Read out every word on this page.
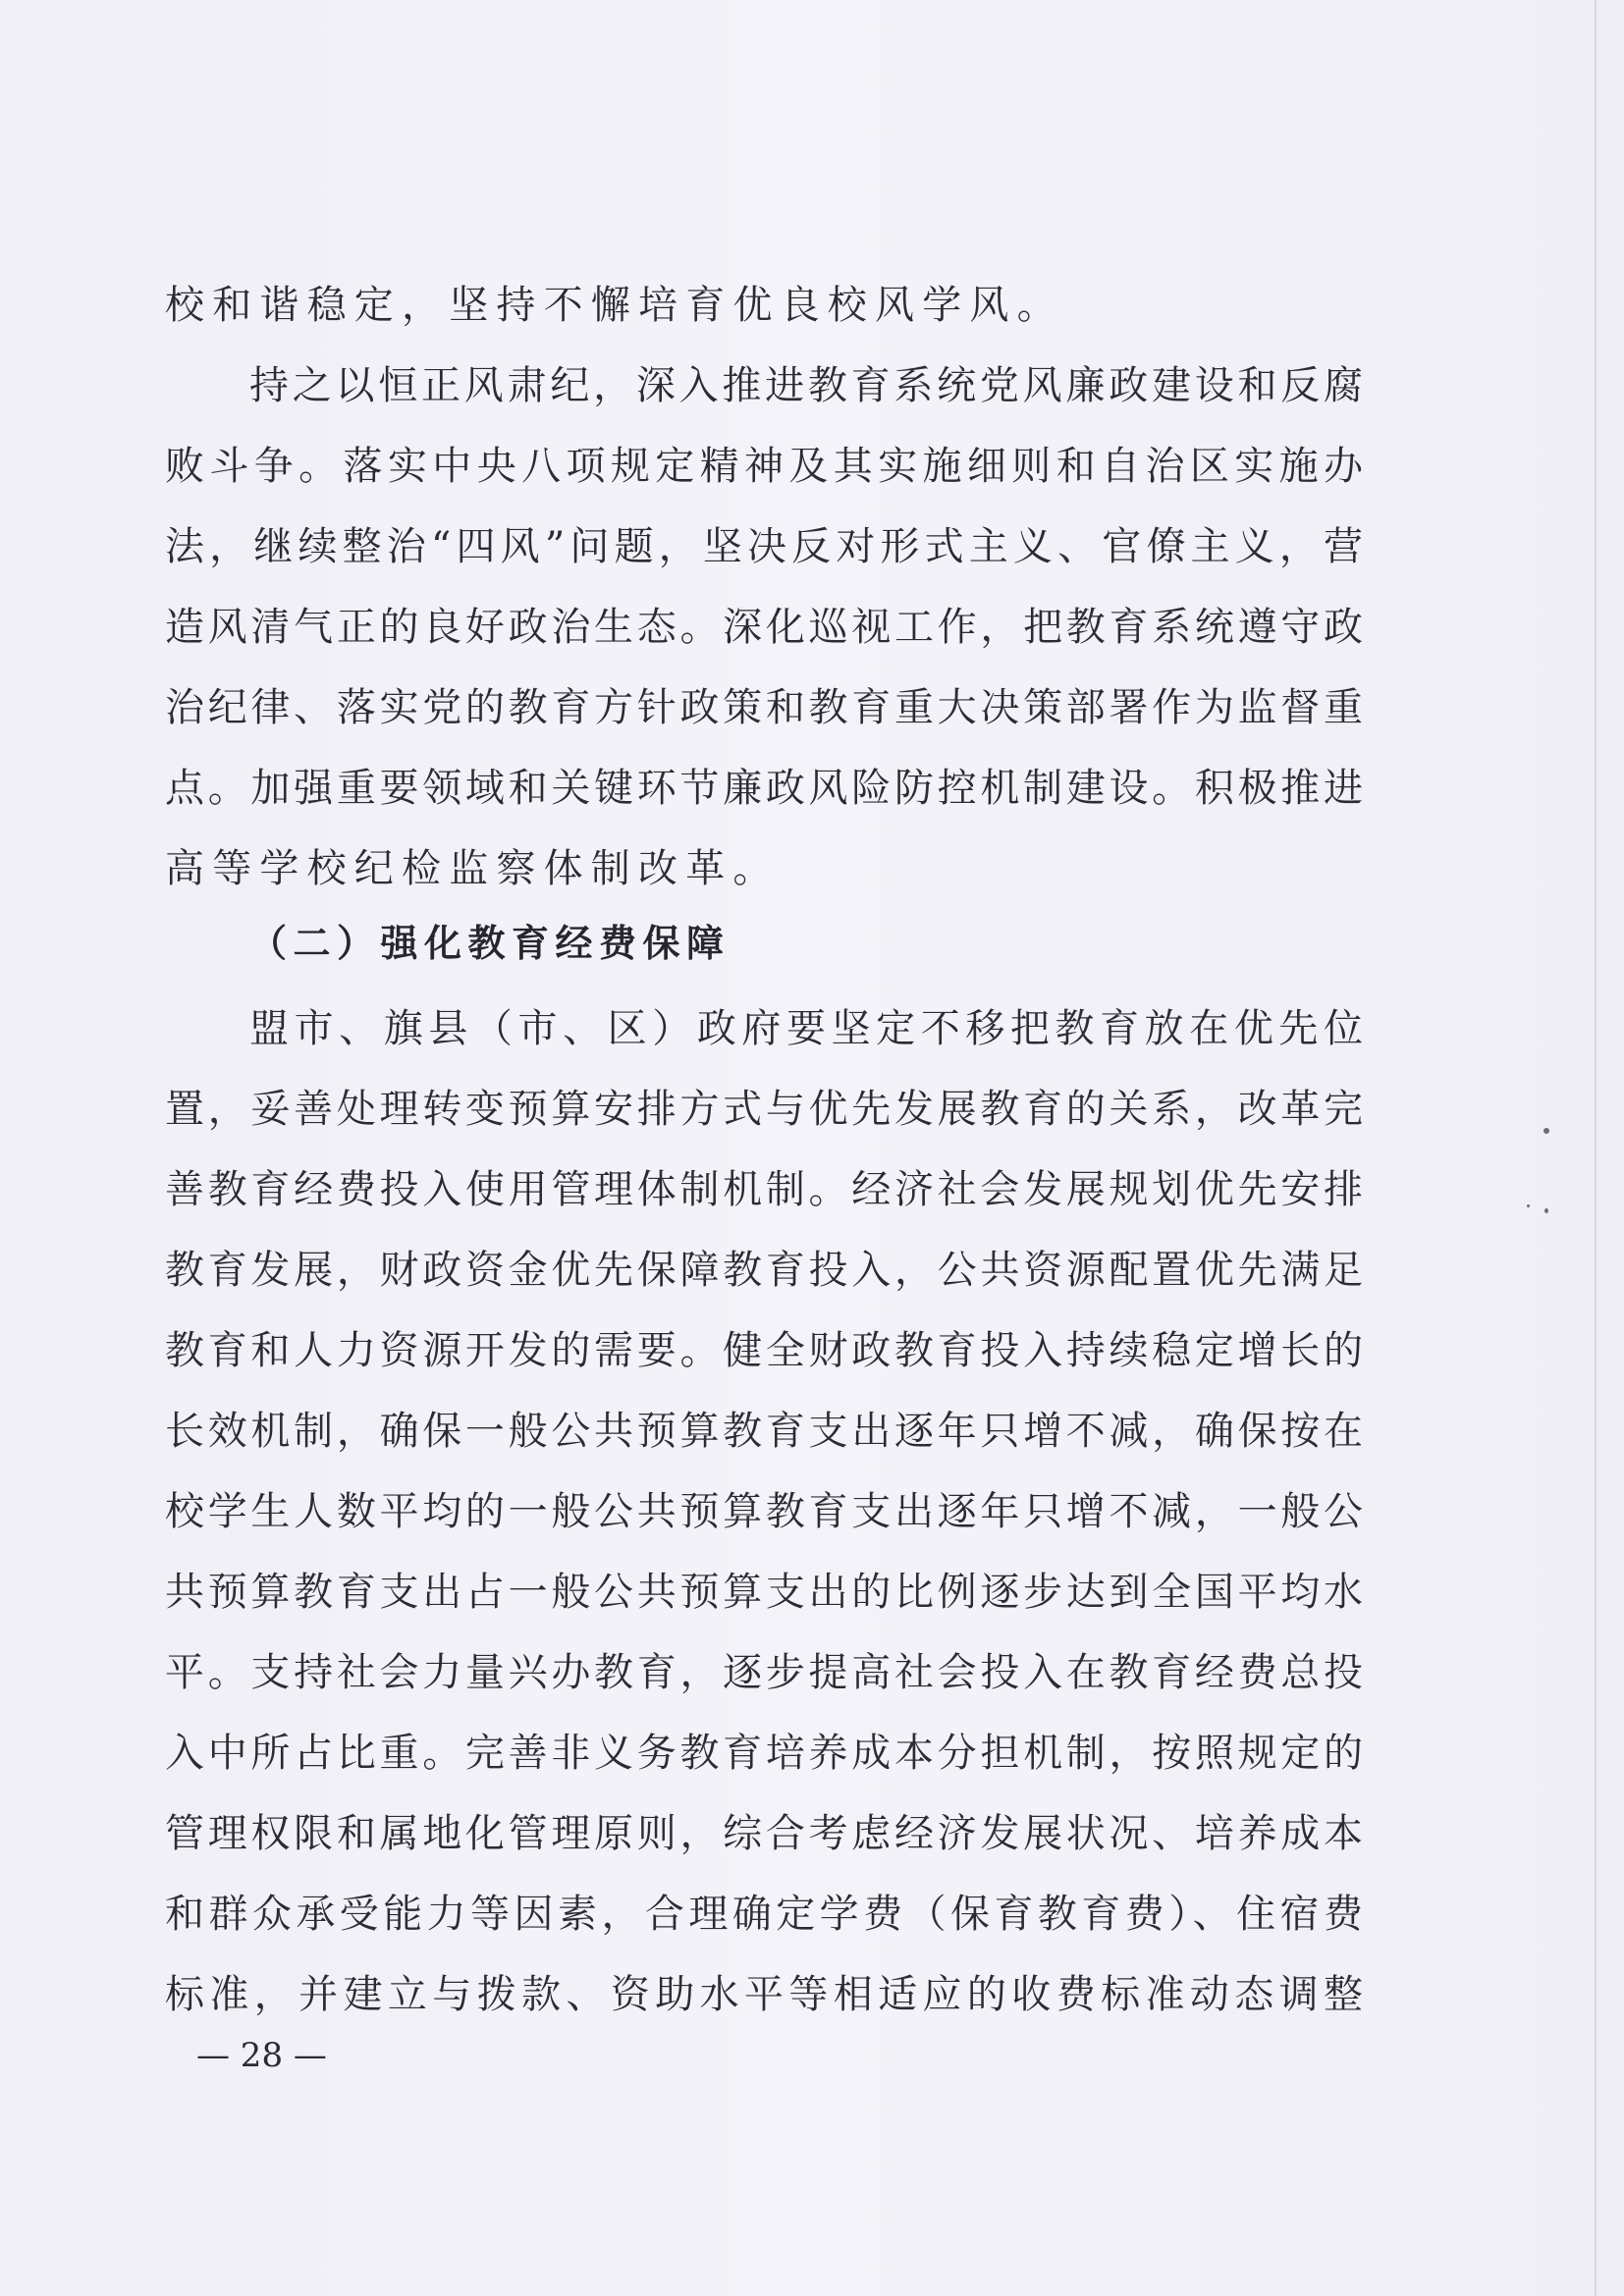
校和谐稳定，坚持不懈培育优良校风学风。
持之以恒正风肃纪，深入推进教育系统党风廉政建设和反腐
败斗争。落实中央八项规定精神及其实施细则和自治区实施办
法，继续整治“四风”问题，坚决反对形式主义、官僚主义，营
造风清气正的良好政治生态。深化巡视工作，把教育系统遵守政
治纪律、落实党的教育方针政策和教育重大决策部署作为监督重
点。加强重要领域和关键环节廉政风险防控机制建设。积极推进
高等学校纪检监察体制改革。
（二）强化教育经费保障
盟市、旗县（市、区）政府要坚定不移把教育放在优先位
置，妥善处理转变预算安排方式与优先发展教育的关系，改革完
善教育经费投入使用管理体制机制。经济社会发展规划优先安排
教育发展，财政资金优先保障教育投入，公共资源配置优先满足
教育和人力资源开发的需要。健全财政教育投入持续稳定增长的
长效机制，确保一般公共预算教育支出逐年只增不减，确保按在
校学生人数平均的一般公共预算教育支出逐年只增不减，一般公
共预算教育支出占一般公共预算支出的比例逐步达到全国平均水
平。支持社会力量兴办教育，逐步提高社会投入在教育经费总投
入中所占比重。完善非义务教育培养成本分担机制，按照规定的
管理权限和属地化管理原则，综合考虑经济发展状况、培养成本
和群众承受能力等因素，合理确定学费（保育教育费）、住宿费
标准，并建立与拨款、资助水平等相适应的收费标准动态调整
— 28 —
